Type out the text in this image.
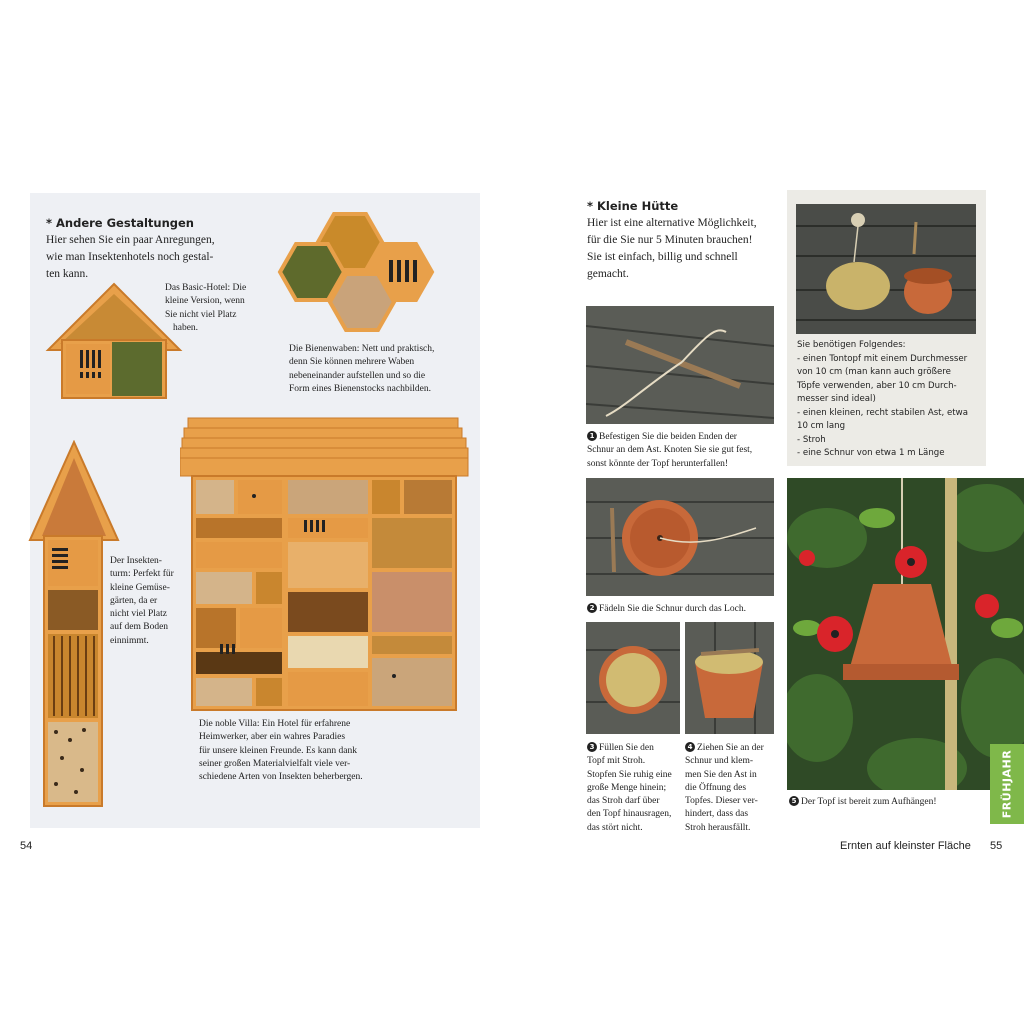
* Andere Gestaltungen
Hier sehen Sie ein paar Anregungen,
wie man Insektenhotels noch gestal-
ten kann.
Das Basic-Hotel: Die
kleine Version, wenn
Sie nicht viel Platz
haben.
Die Bienenwaben: Nett und praktisch,
denn Sie können mehrere Waben
nebeneinander aufstellen und so die
Form eines Bienenstocks nachbilden.
Der Insekten-
turm: Perfekt für
kleine Gemüse-
gärten, da er
nicht viel Platz
auf dem Boden
einnimmt.
Die noble Villa: Ein Hotel für erfahrene
Heimwerker, aber ein wahres Paradies
für unsere kleinen Freunde. Es kann dank
seiner großen Materialvielfalt viele ver-
schiedene Arten von Insekten beherbergen.
54
* Kleine Hütte
Hier ist eine alternative Möglichkeit,
für die Sie nur 5 Minuten brauchen!
Sie ist einfach, billig und schnell
gemacht.
Sie benötigen Folgendes:
- einen Tontopf mit einem Durchmesser
von 10 cm (man kann auch größere
Töpfe verwenden, aber 10 cm Durch-
messer sind ideal)
- einen kleinen, recht stabilen Ast, etwa
10 cm lang
- Stroh
- eine Schnur von etwa 1 m Länge
1 Befestigen Sie die beiden Enden der
Schnur an dem Ast. Knoten Sie sie gut fest,
sonst könnte der Topf herunterfallen!
2 Fädeln Sie die Schnur durch das Loch.
3 Füllen Sie den
Topf mit Stroh.
Stopfen Sie ruhig eine
große Menge hinein;
das Stroh darf über
den Topf hinausragen,
das stört nicht.
4 Ziehen Sie an der
Schnur und klem-
men Sie den Ast in
die Öffnung des
Topfes. Dieser ver-
hindert, dass das
Stroh herausfällt.
5 Der Topf ist bereit zum Aufhängen!	FRÜHJAHR
Ernten auf kleinster Fläche 55
